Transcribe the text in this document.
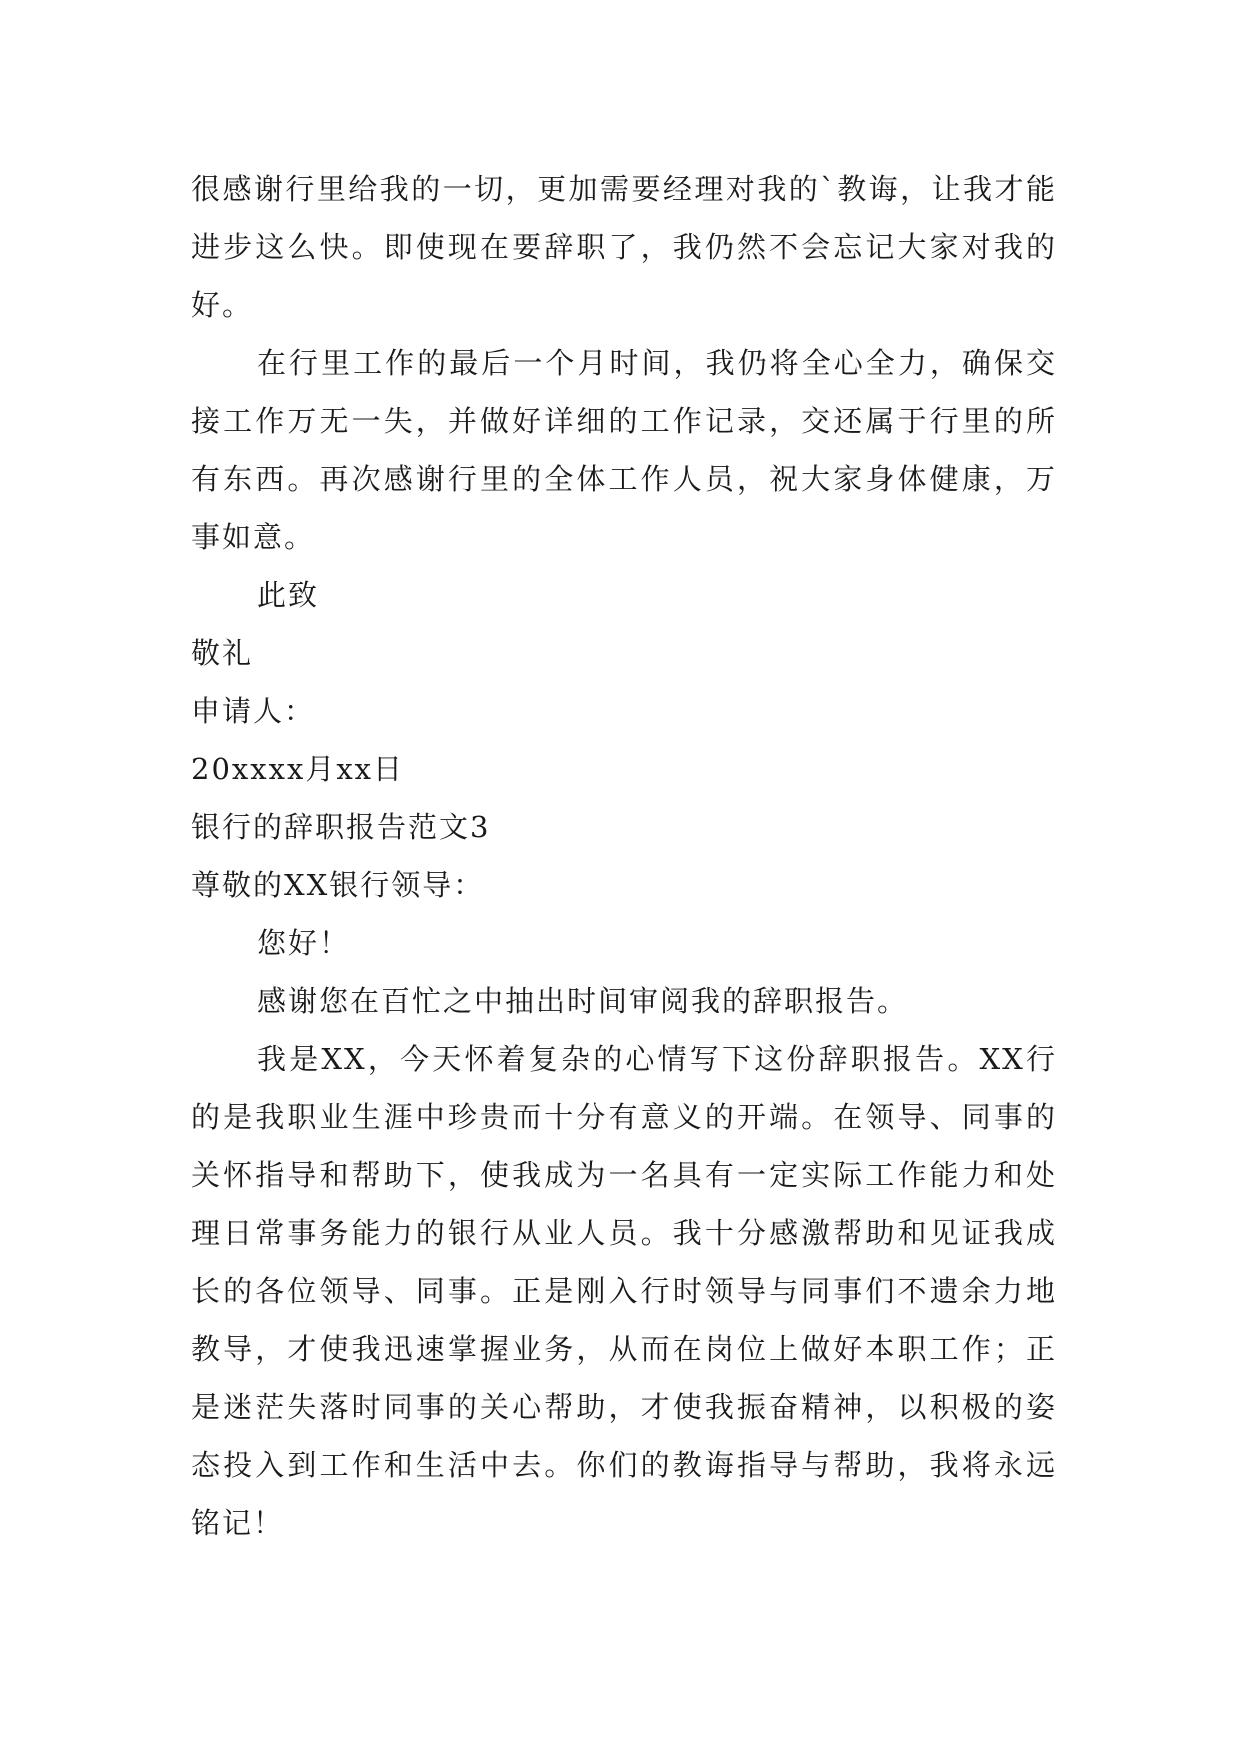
很感谢行里给我的一切，更加需要经理对我的`教诲，让我才能进步这么快。即使现在要辞职了，我仍然不会忘记大家对我的好。

在行里工作的最后一个月时间，我仍将全心全力，确保交接工作万无一失，并做好详细的工作记录，交还属于行里的所有东西。再次感谢行里的全体工作人员，祝大家身体健康，万事如意。

此致

敬礼

申请人：

20xxxx月xx日

银行的辞职报告范文3

尊敬的XX银行领导：

您好！

感谢您在百忙之中抽出时间审阅我的辞职报告。

我是XX，今天怀着复杂的心情写下这份辞职报告。XX行的是我职业生涯中珍贵而十分有意义的开端。在领导、同事的关怀指导和帮助下，使我成为一名具有一定实际工作能力和处理日常事务能力的银行从业人员。我十分感激帮助和见证我成长的各位领导、同事。正是刚入行时领导与同事们不遗余力地教导，才使我迅速掌握业务，从而在岗位上做好本职工作；正是迷茫失落时同事的关心帮助，才使我振奋精神，以积极的姿态投入到工作和生活中去。你们的教诲指导与帮助，我将永远铭记！
